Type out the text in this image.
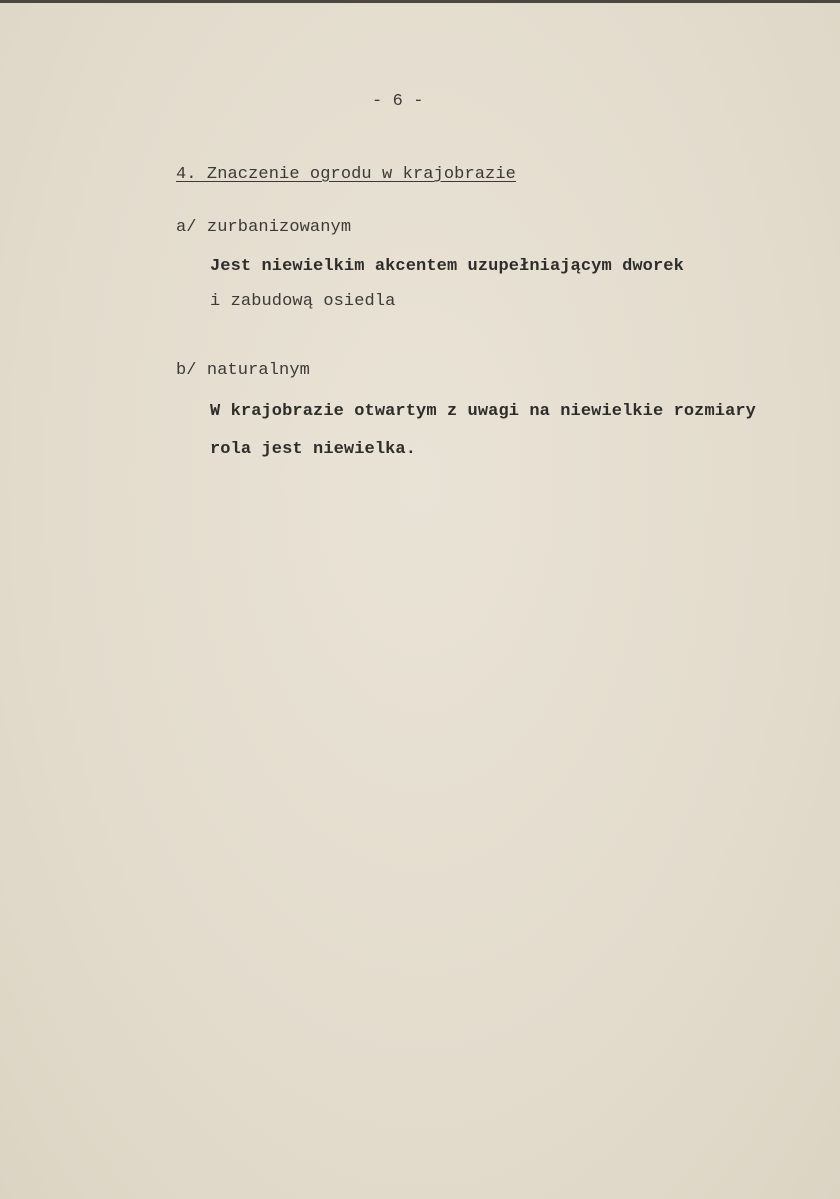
- 6 -
4. Znaczenie ogrodu w krajobrazie
a/ zurbanizowanym
Jest niewielkim akcentem uzupełniającym dworek
i zabudową osiedla
b/ naturalnym
W krajobrazie otwartym z uwagi na niewielkie rozmiary
rola jest niewielka.
